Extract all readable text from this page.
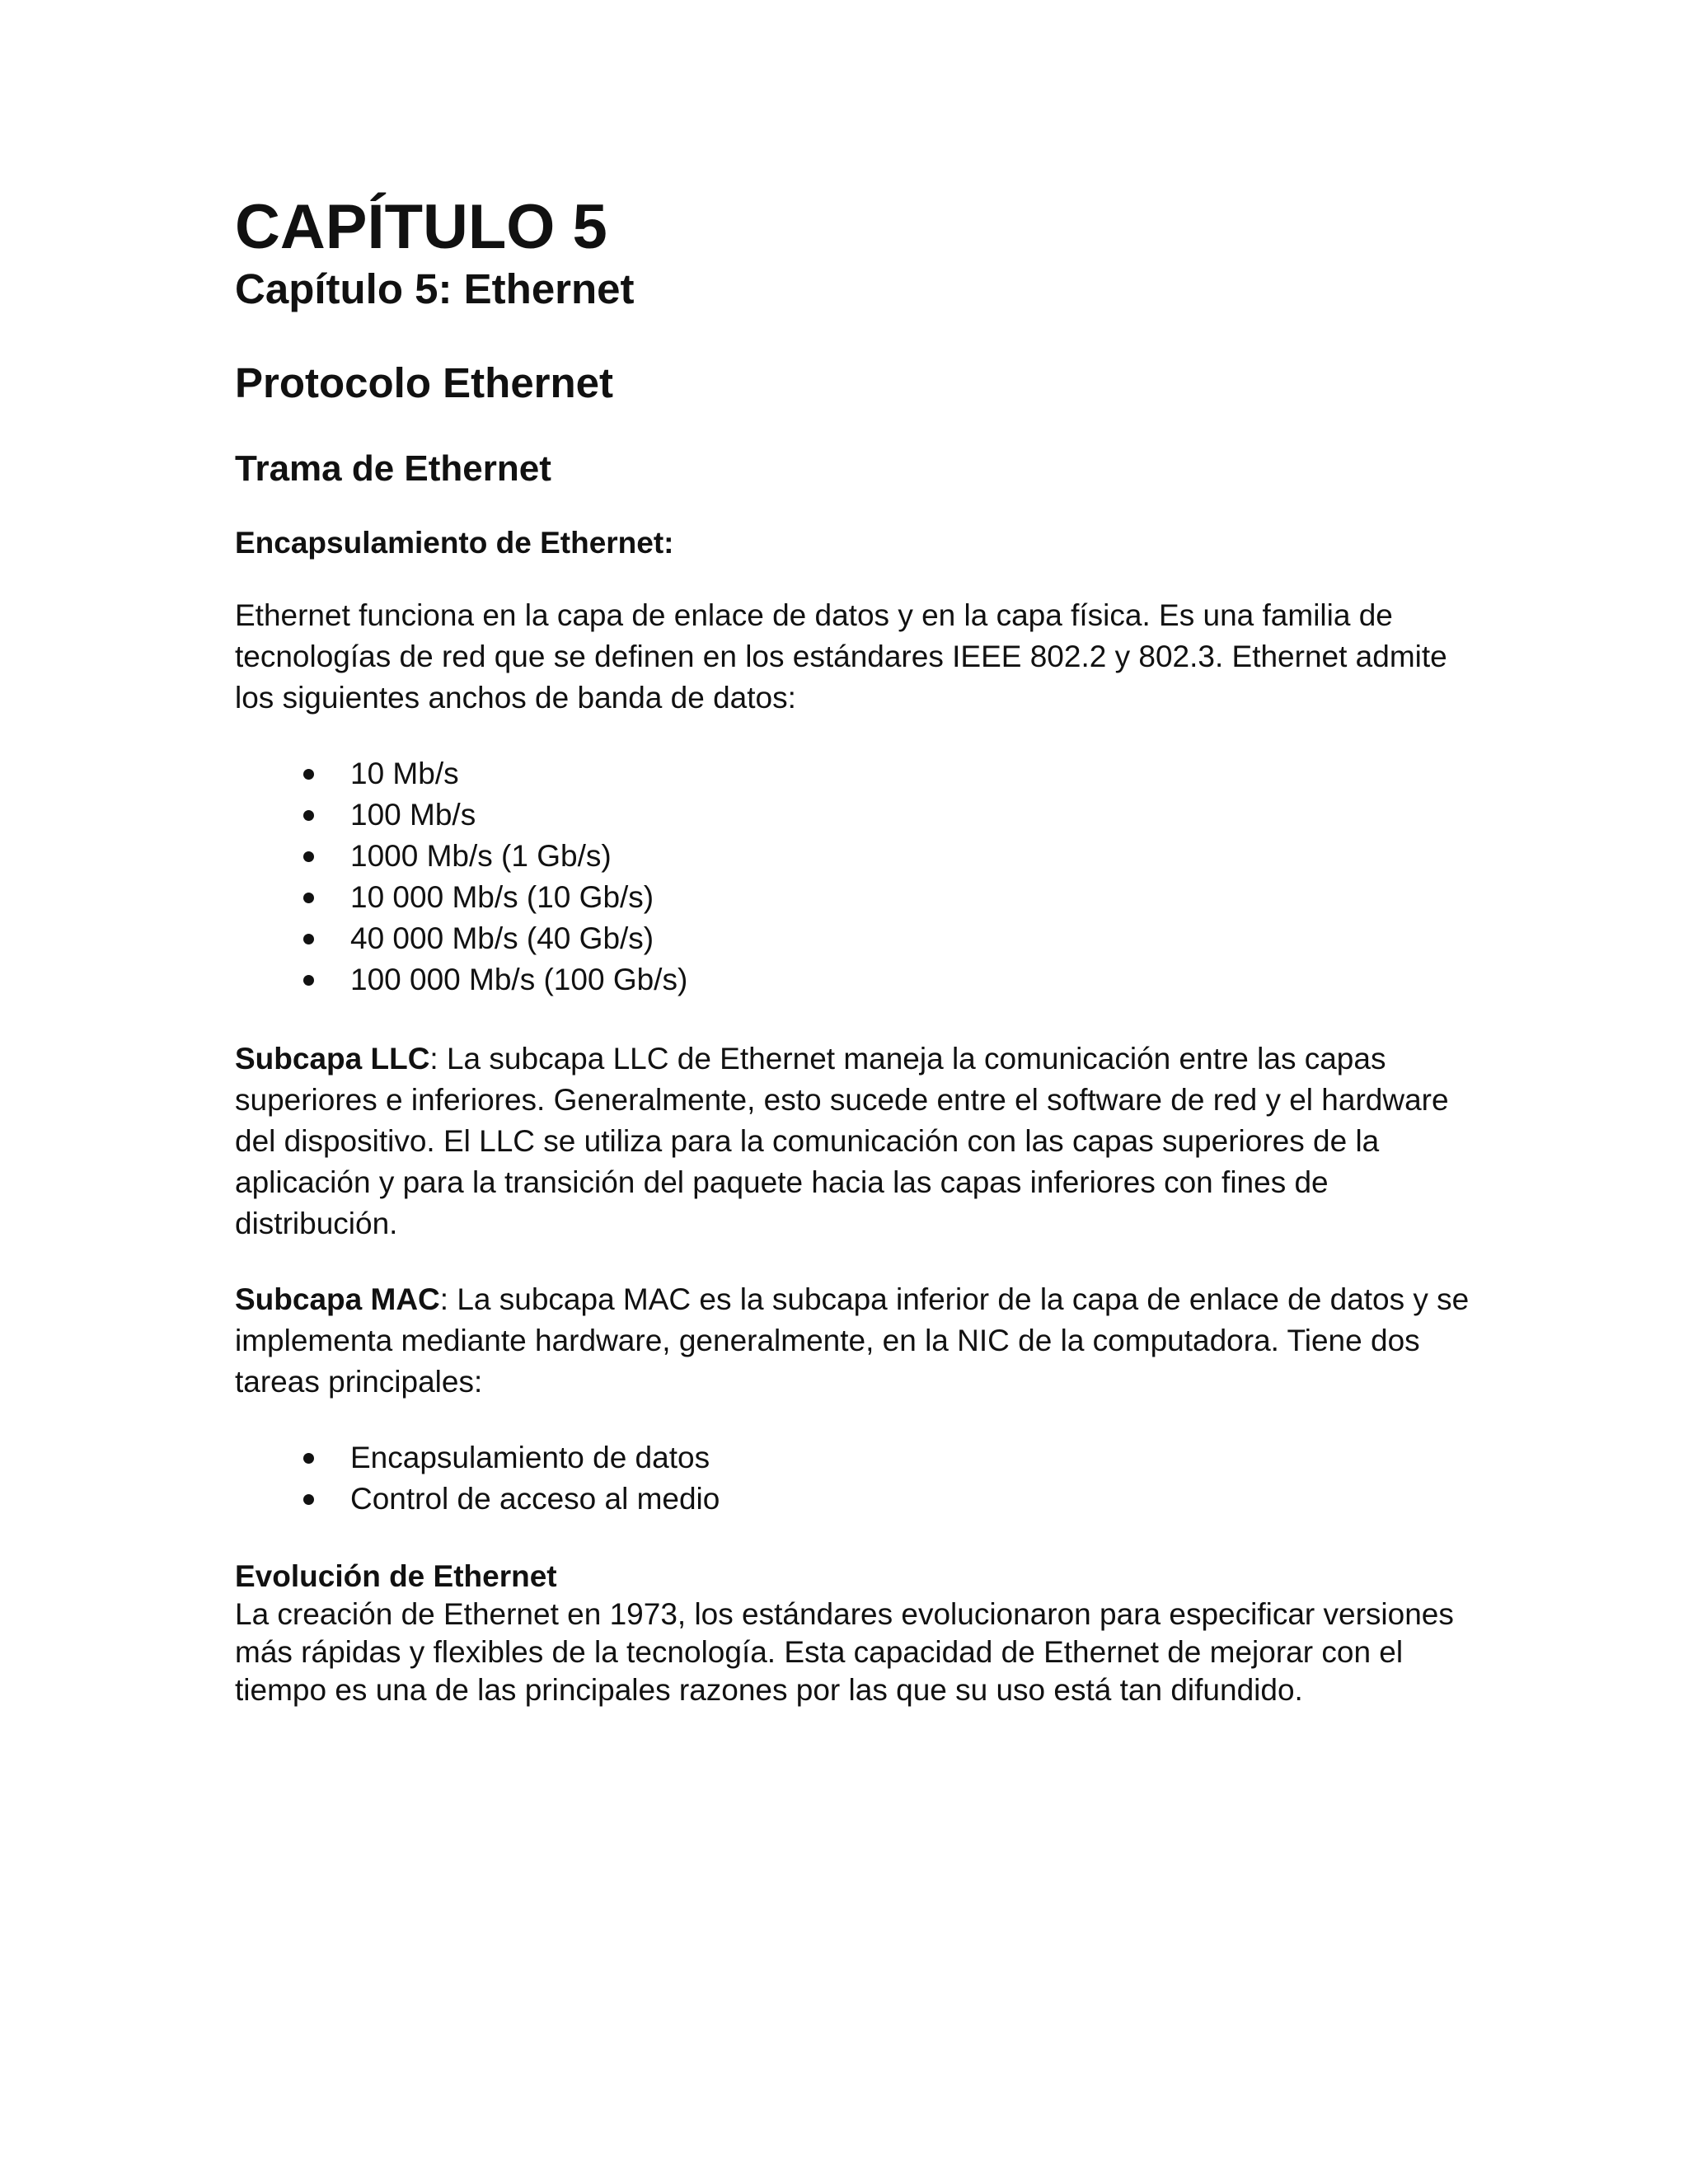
CAPÍTULO 5
Capítulo 5: Ethernet
Protocolo Ethernet
Trama de Ethernet
Encapsulamiento de Ethernet:

Ethernet funciona en la capa de enlace de datos y en la capa física. Es una familia de tecnologías de red que se definen en los estándares IEEE 802.2 y 802.3. Ethernet admite los siguientes anchos de banda de datos:

10 Mb/s
100 Mb/s
1000 Mb/s (1 Gb/s)
10 000 Mb/s (10 Gb/s)
40 000 Mb/s (40 Gb/s)
100 000 Mb/s (100 Gb/s)

Subcapa LLC: La subcapa LLC de Ethernet maneja la comunicación entre las capas superiores e inferiores. Generalmente, esto sucede entre el software de red y el hardware del dispositivo. El LLC se utiliza para la comunicación con las capas superiores de la aplicación y para la transición del paquete hacia las capas inferiores con fines de distribución.

Subcapa MAC: La subcapa MAC es la subcapa inferior de la capa de enlace de datos y se implementa mediante hardware, generalmente, en la NIC de la computadora. Tiene dos tareas principales:

Encapsulamiento de datos
Control de acceso al medio
Evolución de Ethernet

La creación de Ethernet en 1973, los estándares evolucionaron para especificar versiones más rápidas y flexibles de la tecnología. Esta capacidad de Ethernet de mejorar con el tiempo es una de las principales razones por las que su uso está tan difundido.
